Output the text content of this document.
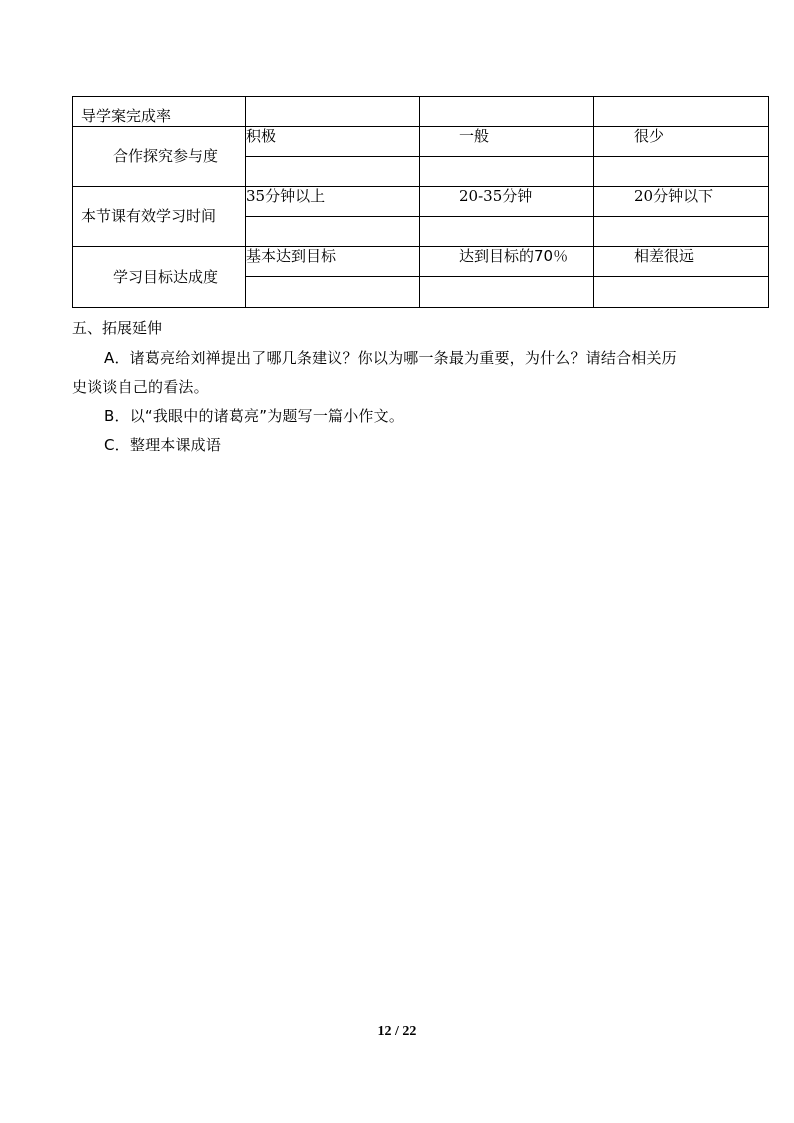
导学案完成率			
合作探究参与度	积极	一般	很少

本节课有效学习时间	35分钟以上	20-35分钟	20分钟以下

学习目标达成度	基本达到目标	达到目标的70％	相差很远

五、拓展延伸
A．诸葛亮给刘禅提出了哪几条建议？你以为哪一条最为重要，为什么？请结合相关历
史谈谈自己的看法。
B．以“我眼中的诸葛亮”为题写一篇小作文。
C．整理本课成语
12 / 22
